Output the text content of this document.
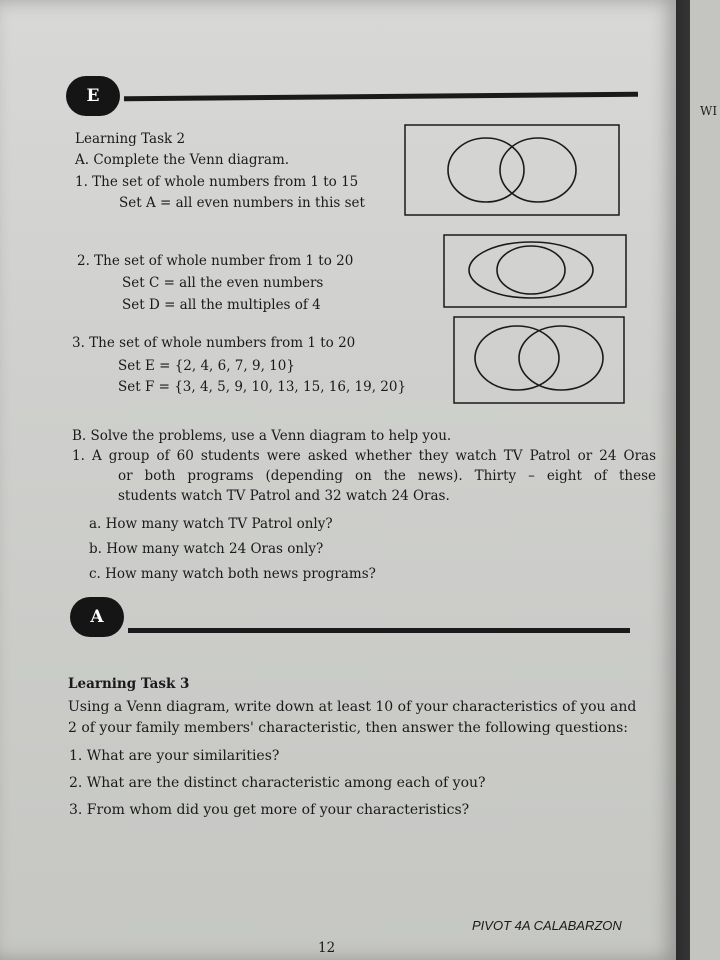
WI
E
Learning Task 2
A. Complete the Venn diagram.
1. The set of whole numbers from 1 to 15
Set A = all even numbers in this set
2. The set of whole number from 1 to 20
Set C = all the even numbers
Set D = all the multiples of 4
3. The set of whole numbers from 1 to 20
Set E = {2, 4, 6, 7, 9, 10}
Set F = {3, 4, 5, 9, 10, 13, 15, 16, 19, 20}
B. Solve the problems, use a Venn diagram to help you.
1. A group of 60 students were asked whether they watch TV Patrol or 24 Oras
or both programs (depending on the news). Thirty – eight of these
students watch TV Patrol and 32 watch 24 Oras.
a. How many watch TV Patrol only?
b. How many watch 24 Oras only?
c. How many watch both news programs?
A
Learning Task 3
Using a Venn diagram, write down at least 10 of your characteristics of you and
2 of your family members' characteristic, then answer the following questions:
1. What are your similarities?
2. What are the distinct characteristic among each of you?
3. From whom did you get more of your characteristics?
PIVOT 4A CALABARZON
12
